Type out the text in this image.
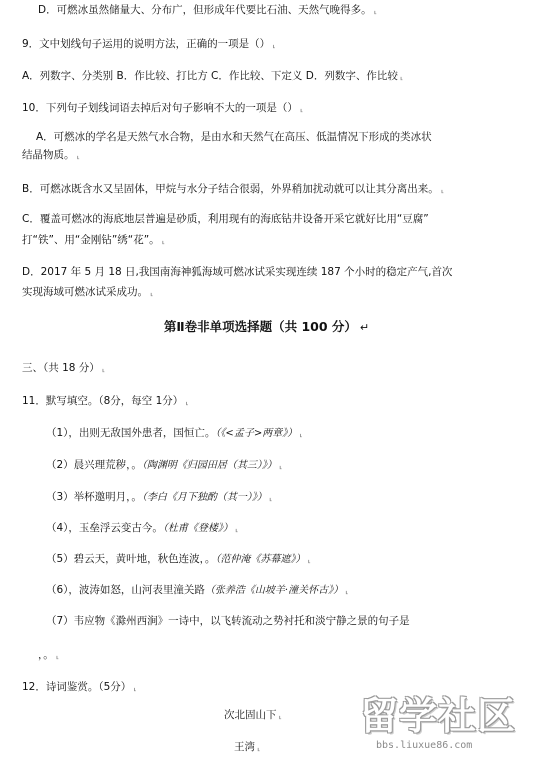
D．可燃冰虽然储量大、分布广，但形成年代要比石油、天然气晚得多。 ⸤
9．文中划线句子运用的说明方法，正确的一项是（） ⸤
A．列数字、分类别 B．作比较、打比方 C．作比较、下定义 D．列数字、作比较 ⸤
10．下列句子划线词语去掉后对句子影响不大的一项是（） ⸤
A．可燃冰的学名是天然气水合物，是由水和天然气在高压、低温情况下形成的类冰状
结晶物质。 ⸤
B．可燃冰既含水又呈固体，甲烷与水分子结合很弱，外界稍加扰动就可以让其分离出来。 ⸤
C．覆盖可燃冰的海底地层普遍是砂质，利用现有的海底钻井设备开采它就好比用“豆腐”
打“铁”、用“金刚钻”绣“花”。 ⸤
D．2017 年 5 月 18 日,我国南海神狐海域可燃冰试采实现连续 187 个小时的稳定产气,首次
实现海域可燃冰试采成功。 ⸤
第Ⅱ卷非单项选择题（共 100 分） ↵
三、（共 18 分） ⸤
11．默写填空。（8分，每空 1分） ⸤
（1），出则无敌国外患者，国恒亡。（《<孟子>两章》） ⸤
（2）晨兴理荒秽，。（陶渊明《归园田居（其三）》） ⸤
（3）举杯邀明月，。（李白《月下独酌（其一）》） ⸤
（4），玉垒浮云变古今。（杜甫《登楼》） ⸤
（5）碧云天，黄叶地，秋色连波，。（范仲淹《苏幕遮》） ⸤
（6），波涛如怒，山河表里潼关路（张养浩《山坡羊·潼关怀古》） ⸤
（7）韦应物《滁州西涧》一诗中，以飞转流动之势衬托和淡宁静之景的句子是
，。 ⸤
12．诗词鉴赏。（5分） ⸤
次北固山下 ⸤
王湾 ⸤
留学社区
bbs.liuxue86.com
